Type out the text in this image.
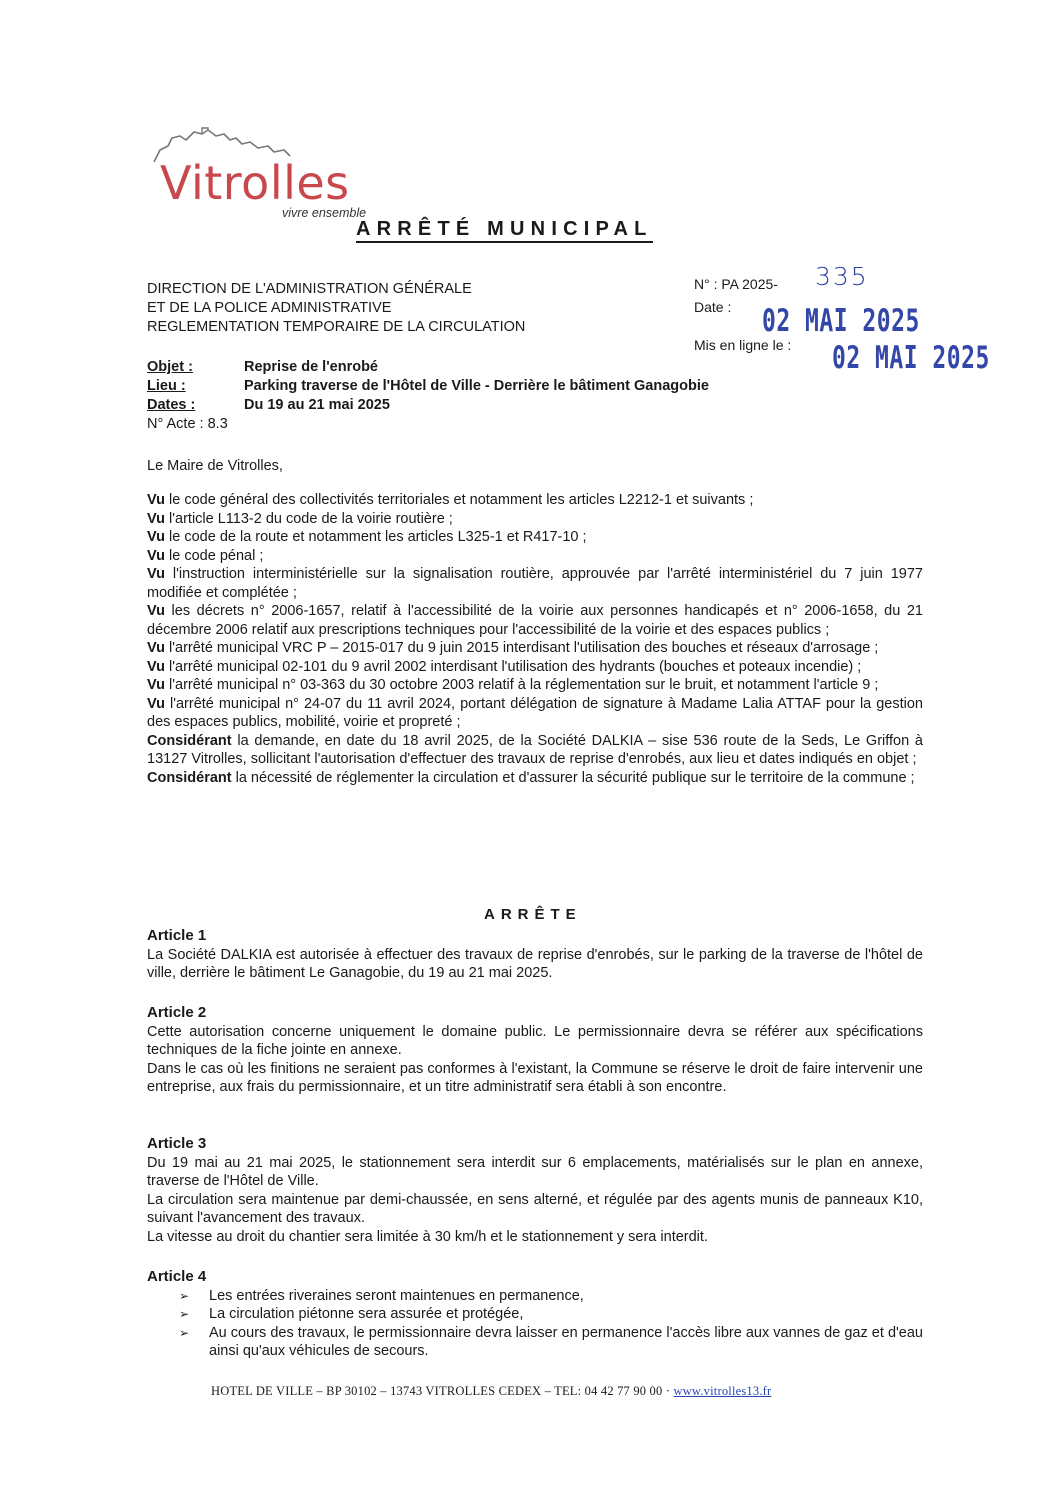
Vitrolles
vivre ensemble
ARRÊTÉ MUNICIPAL
DIRECTION DE L'ADMINISTRATION GÉNÉRALE
ET DE LA POLICE ADMINISTRATIVE
REGLEMENTATION TEMPORAIRE DE LA CIRCULATION
N° : PA 2025- 335
Date : 02 MAI 2025
Mis en ligne le : 02 MAI 2025
Objet :	Reprise de l'enrobé
Lieu :	Parking traverse de l'Hôtel de Ville - Derrière le bâtiment Ganagobie
Dates :	Du 19 au 21 mai 2025
N° Acte : 8.3
Le Maire de Vitrolles,

Vu le code général des collectivités territoriales et notamment les articles L2212-1 et suivants ;

Vu l'article L113-2 du code de la voirie routière ;

Vu le code de la route et notamment les articles L325-1 et R417-10 ;

Vu le code pénal ;

Vu l'instruction interministérielle sur la signalisation routière, approuvée par l'arrêté interministériel du 7 juin 1977 modifiée et complétée ;

Vu les décrets n° 2006-1657, relatif à l'accessibilité de la voirie aux personnes handicapés et n° 2006-1658, du 21 décembre 2006 relatif aux prescriptions techniques pour l'accessibilité de la voirie et des espaces publics ;

Vu l'arrêté municipal VRC P – 2015-017 du 9 juin 2015 interdisant l'utilisation des bouches et réseaux d'arrosage ;

Vu l'arrêté municipal 02-101 du 9 avril 2002 interdisant l'utilisation des hydrants (bouches et poteaux incendie) ;

Vu l'arrêté municipal n° 03-363 du 30 octobre 2003 relatif à la réglementation sur le bruit, et notamment l'article 9 ;

Vu l'arrêté municipal n° 24-07 du 11 avril 2024, portant délégation de signature à Madame Lalia ATTAF pour la gestion des espaces publics, mobilité, voirie et propreté ;

Considérant la demande, en date du 18 avril 2025, de la Société DALKIA – sise 536 route de la Seds, Le Griffon à 13127 Vitrolles, sollicitant l'autorisation d'effectuer des travaux de reprise d'enrobés, aux lieu et dates indiqués en objet ;

Considérant la nécessité de réglementer la circulation et d'assurer la sécurité publique sur le territoire de la commune ;

ARRÊTE
Article 1

La Société DALKIA est autorisée à effectuer des travaux de reprise d'enrobés, sur le parking de la traverse de l'hôtel de ville, derrière le bâtiment Le Ganagobie, du 19 au 21 mai 2025.

Article 2

Cette autorisation concerne uniquement le domaine public. Le permissionnaire devra se référer aux spécifications techniques de la fiche jointe en annexe.

Dans le cas où les finitions ne seraient pas conformes à l'existant, la Commune se réserve le droit de faire intervenir une entreprise, aux frais du permissionnaire, et un titre administratif sera établi à son encontre.

Article 3

Du 19 mai au 21 mai 2025, le stationnement sera interdit sur 6 emplacements, matérialisés sur le plan en annexe, traverse de l'Hôtel de Ville.

La circulation sera maintenue par demi-chaussée, en sens alterné, et régulée par des agents munis de panneaux K10, suivant l'avancement des travaux.

La vitesse au droit du chantier sera limitée à 30 km/h et le stationnement y sera interdit.

Article 4
➢ Les entrées riveraines seront maintenues en permanence,
➢ La circulation piétonne sera assurée et protégée,
➢ Au cours des travaux, le permissionnaire devra laisser en permanence l'accès libre aux vannes de gaz et d'eau ainsi qu'aux véhicules de secours.
HOTEL DE VILLE – BP 30102 – 13743 VITROLLES CEDEX – TEL: 04 42 77 90 00 · www.vitrolles13.fr
